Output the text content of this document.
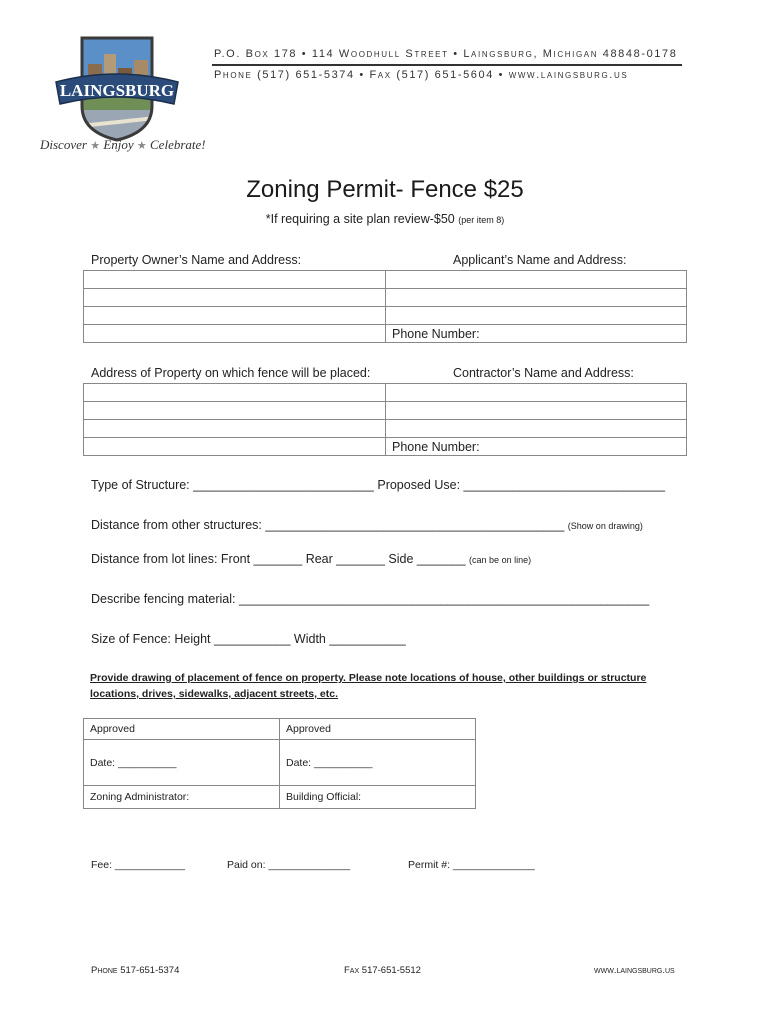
LAINGSBURG
Discover ★ Enjoy ★ Celebrate!
P.O. Box 178 • 114 Woodhull Street • Laingsburg, Michigan 48848-0178
Phone (517) 651-5374 • Fax (517) 651-5604 • www.laingsburg.us
Zoning Permit- Fence $25
*If requiring a site plan review-$50 (per item 8)
Property Owner’s Name and Address:	Applicant’s Name and Address:

	Phone Number:
Address of Property on which fence will be placed:	Contractor’s Name and Address:

	Phone Number:
Type of Structure: __________________________ Proposed Use: _____________________________
Distance from other structures: ___________________________________________ (Show on drawing)
Distance from lot lines: Front _______ Rear _______ Side _______ (can be on line)
Describe fencing material: ___________________________________________________________
Size of Fence: Height ___________ Width ___________
Provide drawing of placement of fence on property. Please note locations of house, other buildings or structure locations, drives, sidewalks, adjacent streets, etc.
Approved	Approved
Date: __________	Date: __________
Zoning Administrator:	Building Official:
Fee: ____________	Paid on: ______________	Permit #: ______________
Phone 517-651-5374	Fax 517-651-5512	www.laingsburg.us
